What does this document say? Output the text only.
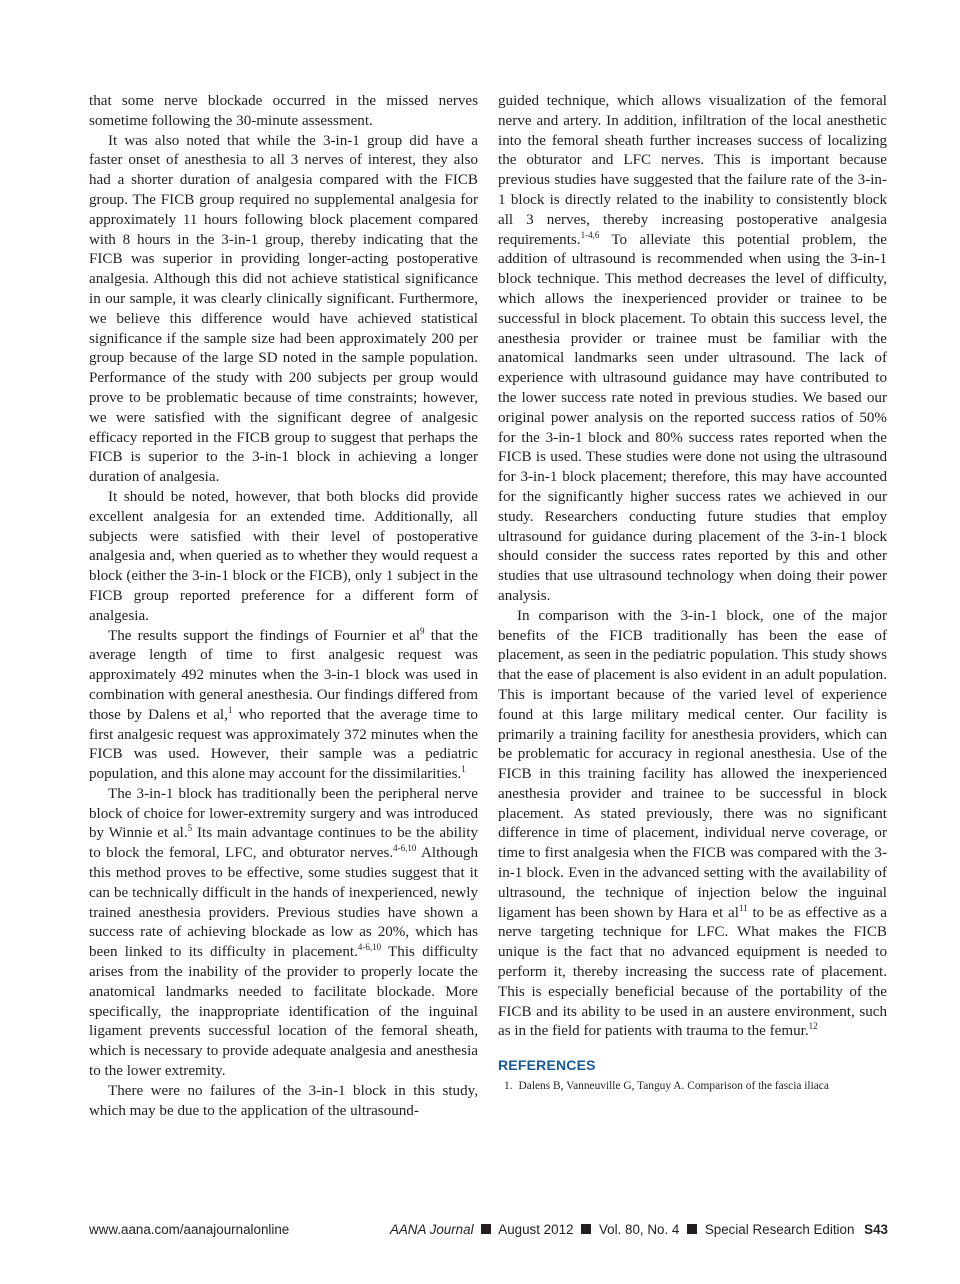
that some nerve blockade occurred in the missed nerves sometime following the 30-minute assessment.

It was also noted that while the 3-in-1 group did have a faster onset of anesthesia to all 3 nerves of interest, they also had a shorter duration of analgesia compared with the FICB group. The FICB group required no supplemental analgesia for approximately 11 hours following block placement compared with 8 hours in the 3-in-1 group, thereby indicating that the FICB was superior in providing longer-acting postoperative analgesia. Although this did not achieve statistical significance in our sample, it was clearly clinically significant. Furthermore, we believe this difference would have achieved statistical significance if the sample size had been approximately 200 per group because of the large SD noted in the sample population. Performance of the study with 200 subjects per group would prove to be problematic because of time constraints; however, we were satisfied with the significant degree of analgesic efficacy reported in the FICB group to suggest that perhaps the FICB is superior to the 3-in-1 block in achieving a longer duration of analgesia.

It should be noted, however, that both blocks did provide excellent analgesia for an extended time. Additionally, all subjects were satisfied with their level of postoperative analgesia and, when queried as to whether they would request a block (either the 3-in-1 block or the FICB), only 1 subject in the FICB group reported preference for a different form of analgesia.

The results support the findings of Fournier et $al^9$ that the average length of time to first analgesic request was approximately 492 minutes when the 3-in-1 block was used in combination with general anesthesia. Our findings differed from those by Dalens et al,$^1$ who reported that the average time to first analgesic request was approximately 372 minutes when the FICB was used. However, their sample was a pediatric population, and this alone may account for the dissimilarities.$^1$

The 3-in-1 block has traditionally been the peripheral nerve block of choice for lower-extremity surgery and was introduced by Winnie et al.$^5$ Its main advantage continues to be the ability to block the femoral, LFC, and obturator nerves.$^{4-6,10}$ Although this method proves to be effective, some studies suggest that it can be technically difficult in the hands of inexperienced, newly trained anesthesia providers. Previous studies have shown a success rate of achieving blockade as low as 20%, which has been linked to its difficulty in placement.$^{4-6,10}$ This difficulty arises from the inability of the provider to properly locate the anatomical landmarks needed to facilitate blockade. More specifically, the inappropriate identification of the inguinal ligament prevents successful location of the femoral sheath, which is necessary to provide adequate analgesia and anesthesia to the lower extremity.

There were no failures of the 3-in-1 block in this study, which may be due to the application of the ultrasound-

guided technique, which allows visualization of the femoral nerve and artery. In addition, infiltration of the local anesthetic into the femoral sheath further increases success of localizing the obturator and LFC nerves. This is important because previous studies have suggested that the failure rate of the 3-in-1 block is directly related to the inability to consistently block all 3 nerves, thereby increasing postoperative analgesia requirements.$^{1-4,6}$ To alleviate this potential problem, the addition of ultrasound is recommended when using the 3-in-1 block technique. This method decreases the level of difficulty, which allows the inexperienced provider or trainee to be successful in block placement. To obtain this success level, the anesthesia provider or trainee must be familiar with the anatomical landmarks seen under ultrasound. The lack of experience with ultrasound guidance may have contributed to the lower success rate noted in previous studies. We based our original power analysis on the reported success ratios of 50% for the 3-in-1 block and 80% success rates reported when the FICB is used. These studies were done not using the ultrasound for 3-in-1 block placement; therefore, this may have accounted for the significantly higher success rates we achieved in our study. Researchers conducting future studies that employ ultrasound for guidance during placement of the 3-in-1 block should consider the success rates reported by this and other studies that use ultrasound technology when doing their power analysis.

In comparison with the 3-in-1 block, one of the major benefits of the FICB traditionally has been the ease of placement, as seen in the pediatric population. This study shows that the ease of placement is also evident in an adult population. This is important because of the varied level of experience found at this large military medical center. Our facility is primarily a training facility for anesthesia providers, which can be problematic for accuracy in regional anesthesia. Use of the FICB in this training facility has allowed the inexperienced anesthesia provider and trainee to be successful in block placement. As stated previously, there was no significant difference in time of placement, individual nerve coverage, or time to first analgesia when the FICB was compared with the 3-in-1 block. Even in the advanced setting with the availability of ultrasound, the technique of injection below the inguinal ligament has been shown by Hara et $al^{11}$ to be as effective as a nerve targeting technique for LFC. What makes the FICB unique is the fact that no advanced equipment is needed to perform it, thereby increasing the success rate of placement. This is especially beneficial because of the portability of the FICB and its ability to be used in an austere environment, such as in the field for patients with trauma to the femur.$^{12}$

REFERENCES
1. Dalens B, Vanneuville G, Tanguy A. Comparison of the fascia iliaca
www.aana.com/aanajournalonline	AANA Journal August 2012 Vol. 80, No. 4 Special Research Edition S43
